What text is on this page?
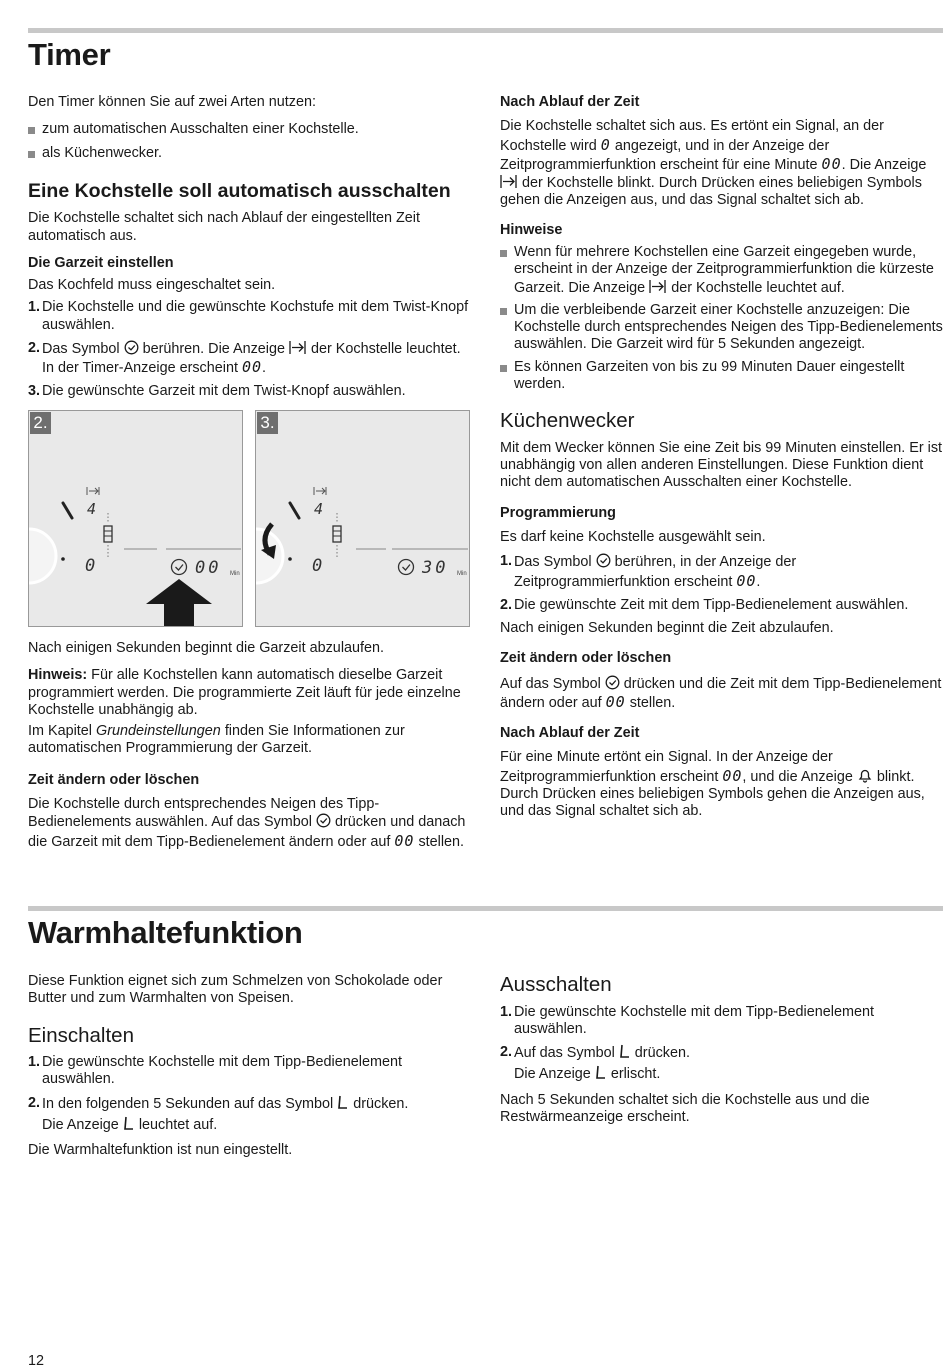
Timer

Den Timer können Sie auf zwei Arten nutzen:

zum automatischen Ausschalten einer Kochstelle.
als Küchenwecker.
Eine Kochstelle soll automatisch ausschalten

Die Kochstelle schaltet sich nach Ablauf der eingestellten Zeit automatisch aus.

Die Garzeit einstellen

Das Kochfeld muss eingeschaltet sein.

1. Die Kochstelle und die gewünschte Kochstufe mit dem Twist-Knopf auswählen.
2. Das Symbol berühren. Die Anzeige der Kochstelle leuchtet. In der Timer-Anzeige erscheint 00.
3. Die gewünschte Garzeit mit dem Twist-Knopf auswählen.
2.
4
0	00 Min
3.
4
0	30 Min

Nach einigen Sekunden beginnt die Garzeit abzulaufen.

Hinweis: Für alle Kochstellen kann automatisch dieselbe Garzeit programmiert werden. Die programmierte Zeit läuft für jede einzelne Kochstelle unabhängig ab.

Im Kapitel Grundeinstellungen finden Sie Informationen zur automatischen Programmierung der Garzeit.

Zeit ändern oder löschen

Die Kochstelle durch entsprechendes Neigen des Tipp-Bedienelements auswählen. Auf das Symbol drücken und danach die Garzeit mit dem Tipp-Bedienelement ändern oder auf 00 stellen.

Nach Ablauf der Zeit

Die Kochstelle schaltet sich aus. Es ertönt ein Signal, an der Kochstelle wird 0 angezeigt, und in der Anzeige der Zeitprogrammierfunktion erscheint für eine Minute 00. Die Anzeige  der Kochstelle blinkt. Durch Drücken eines beliebigen Symbols gehen die Anzeigen aus, und das Signal schaltet sich ab.

Hinweise
Wenn für mehrere Kochstellen eine Garzeit eingegeben wurde, erscheint in der Anzeige der Zeitprogrammierfunktion die kürzeste Garzeit. Die Anzeige der Kochstelle leuchtet auf.
Um die verbleibende Garzeit einer Kochstelle anzuzeigen: Die Kochstelle durch entsprechendes Neigen des Tipp-Bedienelements auswählen. Die Garzeit wird für 5 Sekunden angezeigt.
Es können Garzeiten von bis zu 99 Minuten Dauer eingestellt werden.
Küchenwecker

Mit dem Wecker können Sie eine Zeit bis 99 Minuten einstellen. Er ist unabhängig von allen anderen Einstellungen. Diese Funktion dient nicht dem automatischen Ausschalten einer Kochstelle.

Programmierung

Es darf keine Kochstelle ausgewählt sein.

1. Das Symbol berühren, in der Anzeige der Zeitprogrammierfunktion erscheint 00.
2. Die gewünschte Zeit mit dem Tipp-Bedienelement auswählen.

Nach einigen Sekunden beginnt die Zeit abzulaufen.

Zeit ändern oder löschen

Auf das Symbol drücken und die Zeit mit dem Tipp-Bedienelement ändern oder auf 00 stellen.

Nach Ablauf der Zeit

Für eine Minute ertönt ein Signal. In der Anzeige der Zeitprogrammierfunktion erscheint 00, und die Anzeige blinkt. Durch Drücken eines beliebigen Symbols gehen die Anzeigen aus, und das Signal schaltet sich ab.

Warmhaltefunktion

Diese Funktion eignet sich zum Schmelzen von Schokolade oder Butter und zum Warmhalten von Speisen.

Einschalten
1. Die gewünschte Kochstelle mit dem Tipp-Bedienelement auswählen.
2. In den folgenden 5 Sekunden auf das Symbol drücken.

Die Anzeige leuchtet auf.

Die Warmhaltefunktion ist nun eingestellt.

Ausschalten
1. Die gewünschte Kochstelle mit dem Tipp-Bedienelement auswählen.
2. Auf das Symbol drücken.

Die Anzeige erlischt.

Nach 5 Sekunden schaltet sich die Kochstelle aus und die Restwärmeanzeige erscheint.

12
